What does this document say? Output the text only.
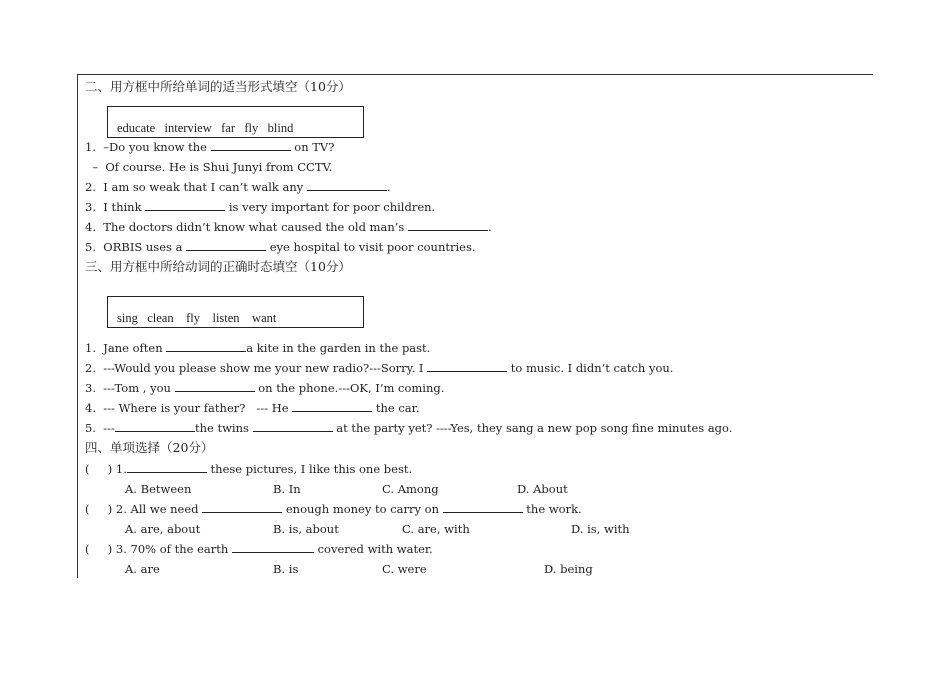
二、用方框中所给单词的适当形式填空（10分）
educate   interview   far   fly   blind
1.  –Do you know the	on TV?
–  Of course. He is Shui Junyi from CCTV.
2.  I am so weak that I can’t walk any	.
3.  I think	is very important for poor children.
4.  The doctors didn’t know what caused the old man’s	.
5.  ORBIS uses a	eye hospital to visit poor countries.
三、用方框中所给动词的正确时态填空（10分）
sing   clean    fly    listen    want
1.  Jane often	a kite in the garden in the past.
2.  ---Would you please show me your new radio?---Sorry. I	to music. I didn’t catch you.
3.  ---Tom , you	on the phone.---OK, I’m coming.
4.  --- Where is your father?   --- He	the car.
5.  ---	the twins	at the party yet? ----Yes, they sang a new pop song fine minutes ago.
四、单项选择（20分）
(     ) 1.	these pictures, I like this one best.
A. Between	B. In	C. Among	D. About
(     ) 2. All we need	enough money to carry on	the work.
A. are, about	B. is, about	C. are, with	D. is, with
(     ) 3. 70% of the earth	covered with water.
A. are	B. is	C. were	D. being
